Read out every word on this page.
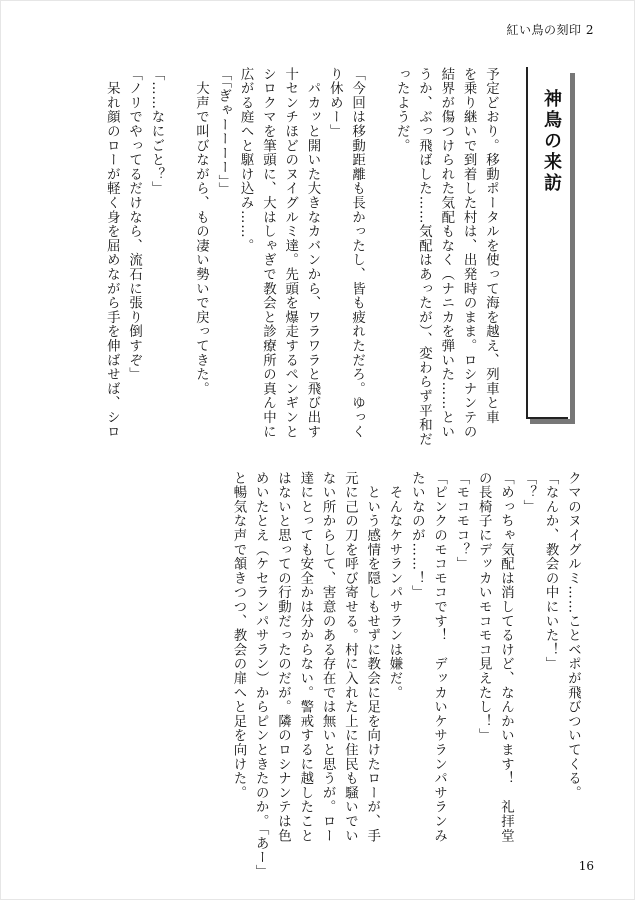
紅い鳥の刻印 2
神鳥の来訪
予定どおり。移動ポータルを使って海を越え、列車と車
を乗り継いで到着した村は、出発時のまま。ロシナンテの
結界が傷つけられた気配もなく（ナニカを弾いた……とい
うか、ぶっ飛ばした……気配はあったが）、変わらず平和だ
ったようだ。
「今回は移動距離も長かったし、皆も疲れただろ。ゆっく
り休めー」
　パカッと開いた大きなカバンから、ワラワラと飛び出す
十センチほどのヌイグルミ達。先頭を爆走するペンギンと
シロクマを筆頭に、大はしゃぎで教会と診療所の真ん中に
広がる庭へと駆け込み……。
「「ぎゃーーーー」」
　大声で叫びながら、もの凄い勢いで戻ってきた。
「……なにごと？」
「ノリでやってるだけなら、流石に張り倒すぞ」
　呆れ顔のローが軽く身を屈めながら手を伸ばせば、シロ
クマのヌイグルミ……ことベポが飛びついてくる。
「なんか、教会の中にいた！」
「？」
「めっちゃ気配は消してるけど、なんかいます！　礼拝堂
の長椅子にデッカいモコモコ見えたし！」
「モコモコ？」
「ピンクのモコモコです！　デッカいケサランパサランみ
たいなのが……！」
　そんなケサランパサランは嫌だ。
　という感情を隠しもせずに教会に足を向けたローが、手
元に己の刀を呼び寄せる。村に入れた上に住民も騒いでい
ない所からして、害意のある存在では無いと思うが。ロー
達にとっても安全かは分からない。警戒するに越したこと
はないと思っての行動だったのだが。隣のロシナンテは色
めいたとえ（ケセランパサラン）からピンときたのか。「あー」
と暢気な声で頷きつつ、教会の扉へと足を向けた。
16
